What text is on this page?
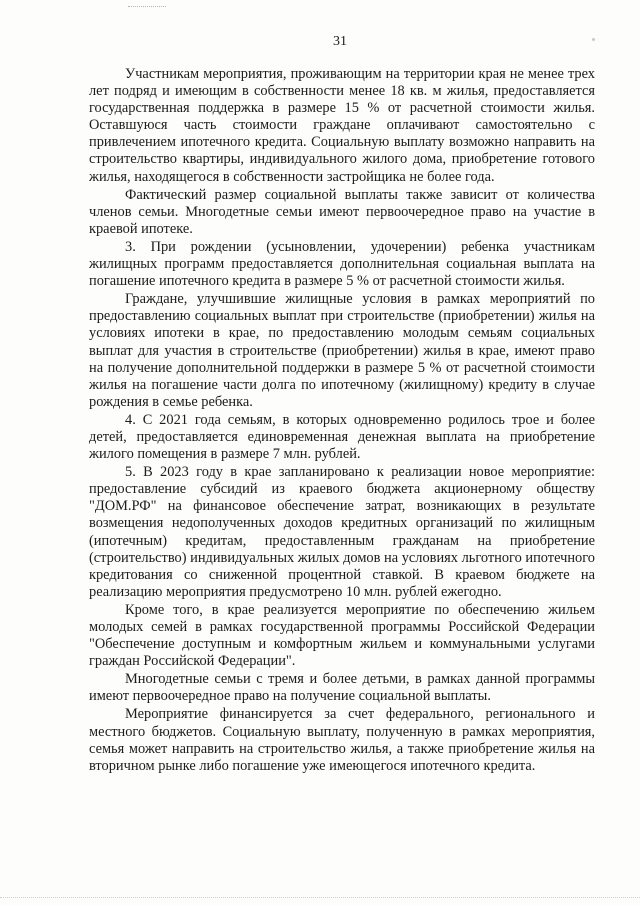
31

Участникам мероприятия, проживающим на территории края не менее трех лет подряд и имеющим в собственности менее 18 кв. м жилья, предоставляется государственная поддержка в размере 15 % от расчетной стоимости жилья. Оставшуюся часть стоимости граждане оплачивают самостоятельно с привлечением ипотечного кредита. Социальную выплату возможно направить на строительство квартиры, индивидуального жилого дома, приобретение готового жилья, находящегося в собственности застройщика не более года.

Фактический размер социальной выплаты также зависит от количества членов семьи. Многодетные семьи имеют первоочередное право на участие в краевой ипотеке.

3. При рождении (усыновлении, удочерении) ребенка участникам жилищных программ предоставляется дополнительная социальная выплата на погашение ипотечного кредита в размере 5 % от расчетной стоимости жилья.

Граждане, улучшившие жилищные условия в рамках мероприятий по предоставлению социальных выплат при строительстве (приобретении) жилья на условиях ипотеки в крае, по предоставлению молодым семьям социальных выплат для участия в строительстве (приобретении) жилья в крае, имеют право на получение дополнительной поддержки в размере 5 % от расчетной стоимости жилья на погашение части долга по ипотечному (жилищному) кредиту в случае рождения в семье ребенка.

4. С 2021 года семьям, в которых одновременно родилось трое и более детей, предоставляется единовременная денежная выплата на приобретение жилого помещения в размере 7 млн. рублей.

5. В 2023 году в крае запланировано к реализации новое мероприятие: предоставление субсидий из краевого бюджета акционерному обществу "ДОМ.РФ" на финансовое обеспечение затрат, возникающих в результате возмещения недополученных доходов кредитных организаций по жилищным (ипотечным) кредитам, предоставленным гражданам на приобретение (строительство) индивидуальных жилых домов на условиях льготного ипотечного кредитования со сниженной процентной ставкой. В краевом бюджете на реализацию мероприятия предусмотрено 10 млн. рублей ежегодно.

Кроме того, в крае реализуется мероприятие по обеспечению жильем молодых семей в рамках государственной программы Российской Федерации "Обеспечение доступным и комфортным жильем и коммунальными услугами граждан Российской Федерации".

Многодетные семьи с тремя и более детьми, в рамках данной программы имеют первоочередное право на получение социальной выплаты.

Мероприятие финансируется за счет федерального, регионального и местного бюджетов. Социальную выплату, полученную в рамках мероприятия, семья может направить на строительство жилья, а также приобретение жилья на вторичном рынке либо погашение уже имеющегося ипотечного кредита.
